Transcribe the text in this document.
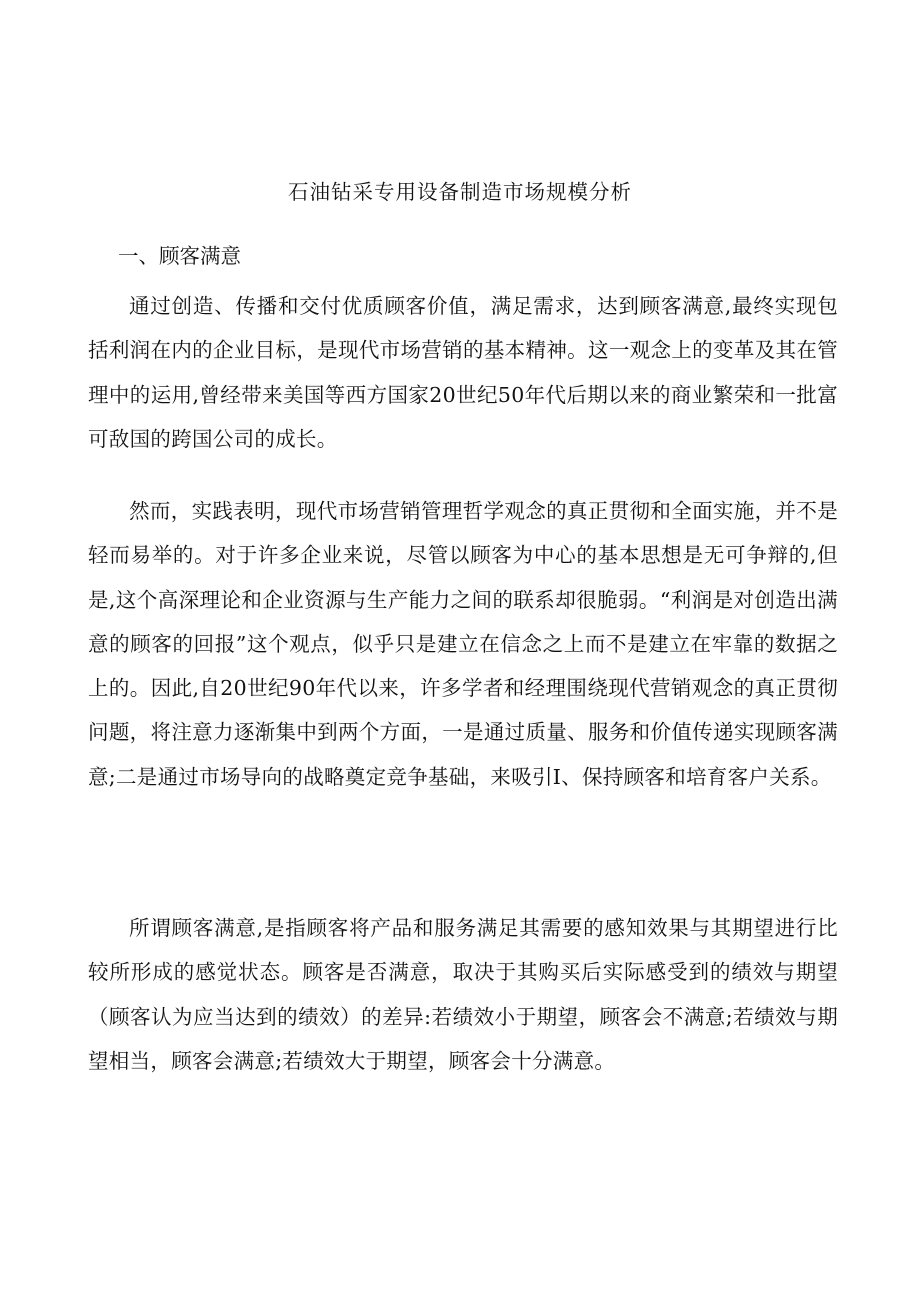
石油钻采专用设备制造市场规模分析
一、顾客满意

通过创造、传播和交付优质顾客价值，满足需求，达到顾客满意,最终实现包括利润在内的企业目标，是现代市场营销的基本精神。这一观念上的变革及其在管理中的运用,曾经带来美国等西方国家20世纪50年代后期以来的商业繁荣和一批富可敌国的跨国公司的成长。

然而，实践表明，现代市场营销管理哲学观念的真正贯彻和全面实施，并不是轻而易举的。对于许多企业来说，尽管以顾客为中心的基本思想是无可争辩的,但是,这个高深理论和企业资源与生产能力之间的联系却很脆弱。“利润是对创造出满意的顾客的回报”这个观点，似乎只是建立在信念之上而不是建立在牢靠的数据之上的。因此,自20世纪90年代以来，许多学者和经理围绕现代营销观念的真正贯彻问题，将注意力逐渐集中到两个方面，一是通过质量、服务和价值传递实现顾客满意;二是通过市场导向的战略奠定竞争基础，来吸引I、保持顾客和培育客户关系。

所谓顾客满意,是指顾客将产品和服务满足其需要的感知效果与其期望进行比较所形成的感觉状态。顾客是否满意，取决于其购买后实际感受到的绩效与期望（顾客认为应当达到的绩效）的差异:若绩效小于期望，顾客会不满意;若绩效与期望相当，顾客会满意;若绩效大于期望，顾客会十分满意。
